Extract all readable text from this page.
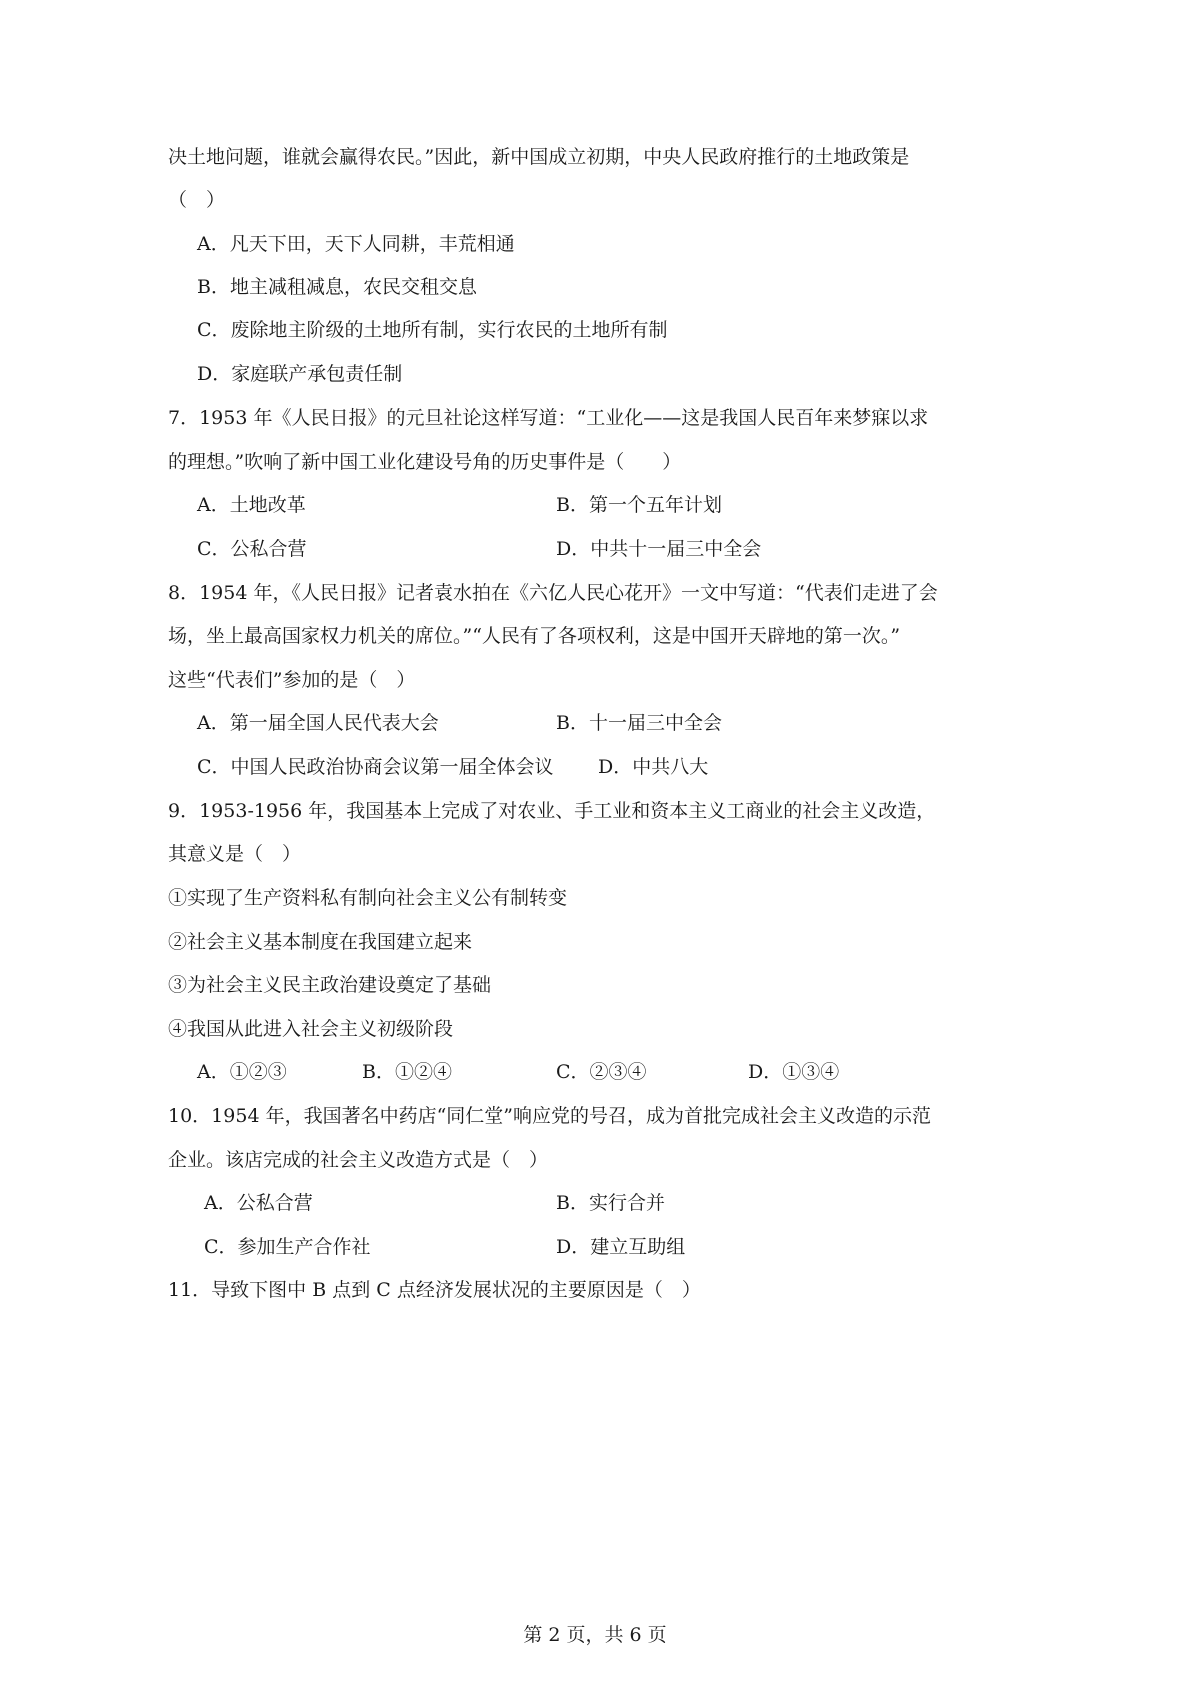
决土地问题，谁就会赢得农民。”因此，新中国成立初期，中央人民政府推行的土地政策是
（　）
A．凡天下田，天下人同耕，丰荒相通
B．地主减租减息，农民交租交息
C．废除地主阶级的土地所有制，实行农民的土地所有制
D．家庭联产承包责任制
7．1953 年《人民日报》的元旦社论这样写道：“工业化——这是我国人民百年来梦寐以求
的理想。”吹响了新中国工业化建设号角的历史事件是（　　）
A．土地改革	B．第一个五年计划
C．公私合营	D．中共十一届三中全会
8．1954 年，《人民日报》记者袁水拍在《六亿人民心花开》一文中写道：“代表们走进了会
场，坐上最高国家权力机关的席位。”“人民有了各项权利，这是中国开天辟地的第一次。”
这些“代表们”参加的是（　）
A．第一届全国人民代表大会	B．十一届三中全会
C．中国人民政治协商会议第一届全体会议 D．中共八大
9．1953-1956 年，我国基本上完成了对农业、手工业和资本主义工商业的社会主义改造，
其意义是（　）
①实现了生产资料私有制向社会主义公有制转变
②社会主义基本制度在我国建立起来
③为社会主义民主政治建设奠定了基础
④我国从此进入社会主义初级阶段
A．①②③	B．①②④	C．②③④	D．①③④
10．1954 年，我国著名中药店“同仁堂”响应党的号召，成为首批完成社会主义改造的示范
企业。该店完成的社会主义改造方式是（　）
A．公私合营	B．实行合并
C．参加生产合作社	D．建立互助组
11．导致下图中 B 点到 C 点经济发展状况的主要原因是（　）
第 2 页，共 6 页
